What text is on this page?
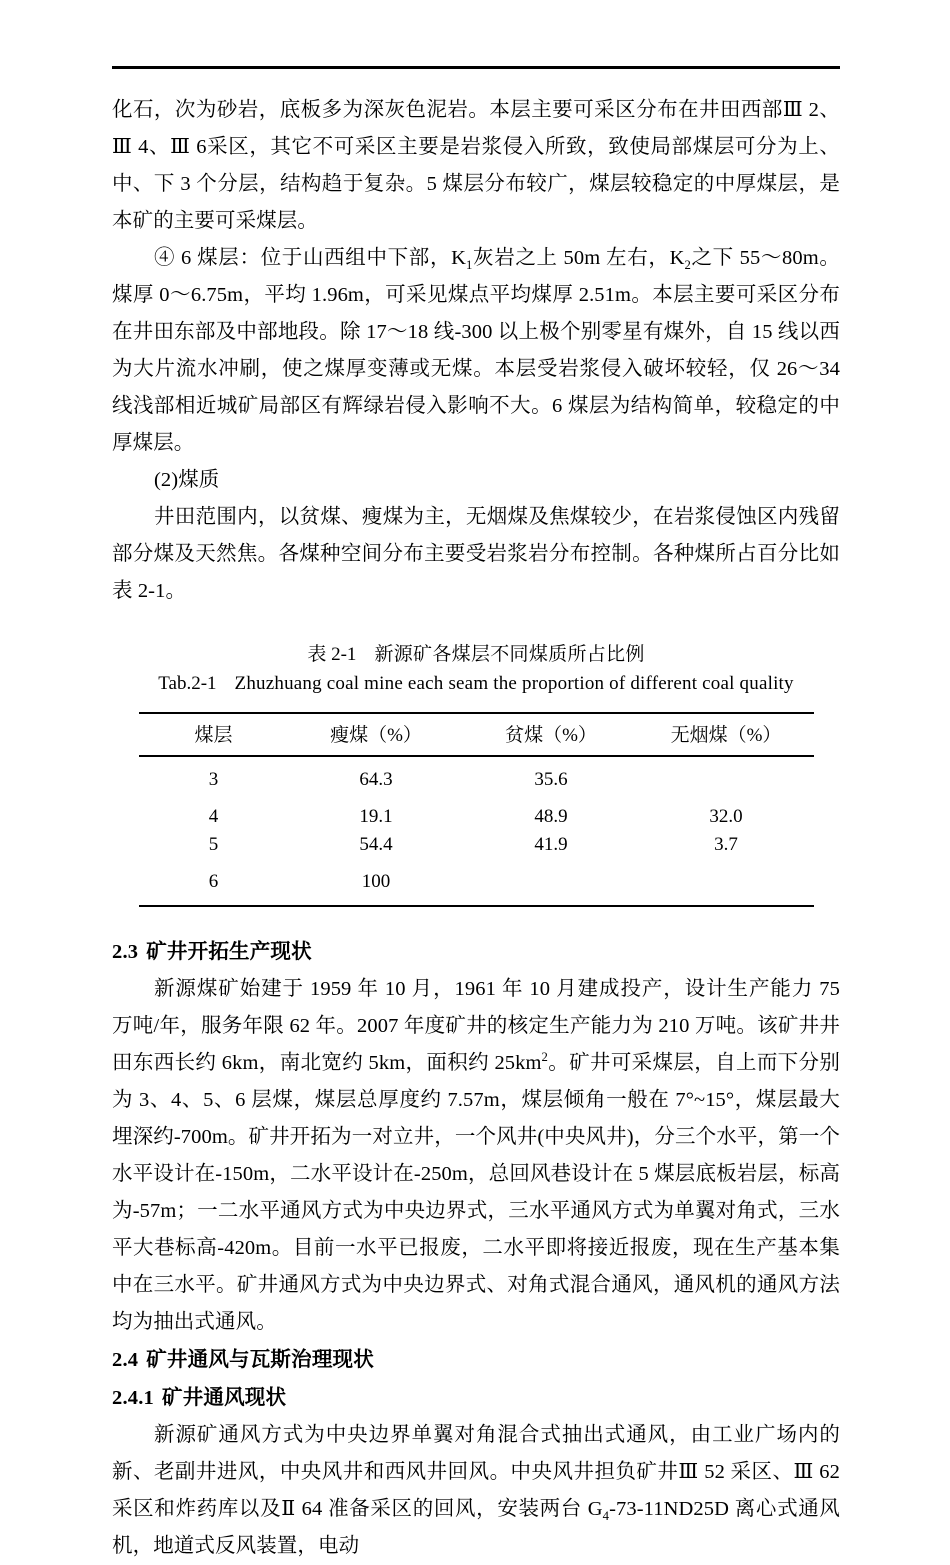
化石，次为砂岩，底板多为深灰色泥岩。本层主要可采区分布在井田西部Ⅲ 2、Ⅲ 4、Ⅲ 6采区，其它不可采区主要是岩浆侵入所致，致使局部煤层可分为上、中、下 3 个分层，结构趋于复杂。5 煤层分布较广，煤层较稳定的中厚煤层，是本矿的主要可采煤层。

④ 6 煤层：位于山西组中下部，$K_1$灰岩之上 50m 左右，$K_2$之下 55～80m。煤厚 0～6.75m，平均 1.96m，可采见煤点平均煤厚 2.51m。本层主要可采区分布在井田东部及中部地段。除 17～18 线-300 以上极个别零星有煤外，自 15 线以西为大片流水冲刷，使之煤厚变薄或无煤。本层受岩浆侵入破坏较轻，仅 26～34 线浅部相近城矿局部区有辉绿岩侵入影响不大。6 煤层为结构简单，较稳定的中厚煤层。

(2)煤质

井田范围内，以贫煤、瘦煤为主，无烟煤及焦煤较少，在岩浆侵蚀区内残留部分煤及天然焦。各煤种空间分布主要受岩浆岩分布控制。各种煤所占百分比如表 2-1。

表 2-1 新源矿各煤层不同煤质所占比例
Tab.2-1 Zhuzhuang coal mine each seam the proportion of different coal quality
煤层	瘦煤（%）	贫煤（%）	无烟煤（%）

3	64.3	35.6	

4	19.1	48.9	32.0
5	54.4	41.9	3.7

6	100		

2.3 矿井开拓生产现状

新源煤矿始建于 1959 年 10 月，1961 年 10 月建成投产，设计生产能力 75 万吨/年，服务年限 62 年。2007 年度矿井的核定生产能力为 210 万吨。该矿井井田东西长约 6km，南北宽约 5km，面积约 $25km^2$。矿井可采煤层，自上而下分别为 3、4、5、6 层煤，煤层总厚度约 7.57m，煤层倾角一般在 7°~15°，煤层最大埋深约-700m。矿井开拓为一对立井，一个风井(中央风井)，分三个水平，第一个水平设计在-150m，二水平设计在-250m，总回风巷设计在 5 煤层底板岩层，标高为-57m；一二水平通风方式为中央边界式，三水平通风方式为单翼对角式，三水平大巷标高-420m。目前一水平已报废，二水平即将接近报废，现在生产基本集中在三水平。矿井通风方式为中央边界式、对角式混合通风，通风机的通风方法均为抽出式通风。

2.4 矿井通风与瓦斯治理现状
2.4.1 矿井通风现状

新源矿通风方式为中央边界单翼对角混合式抽出式通风，由工业广场内的新、老副井进风，中央风井和西风井回风。中央风井担负矿井Ⅲ 52 采区、Ⅲ 62 采区和炸药库以及Ⅱ 64 准备采区的回风，安装两台 $G_4-73-11ND25D$ 离心式通风机，地道式反风装置，电动
